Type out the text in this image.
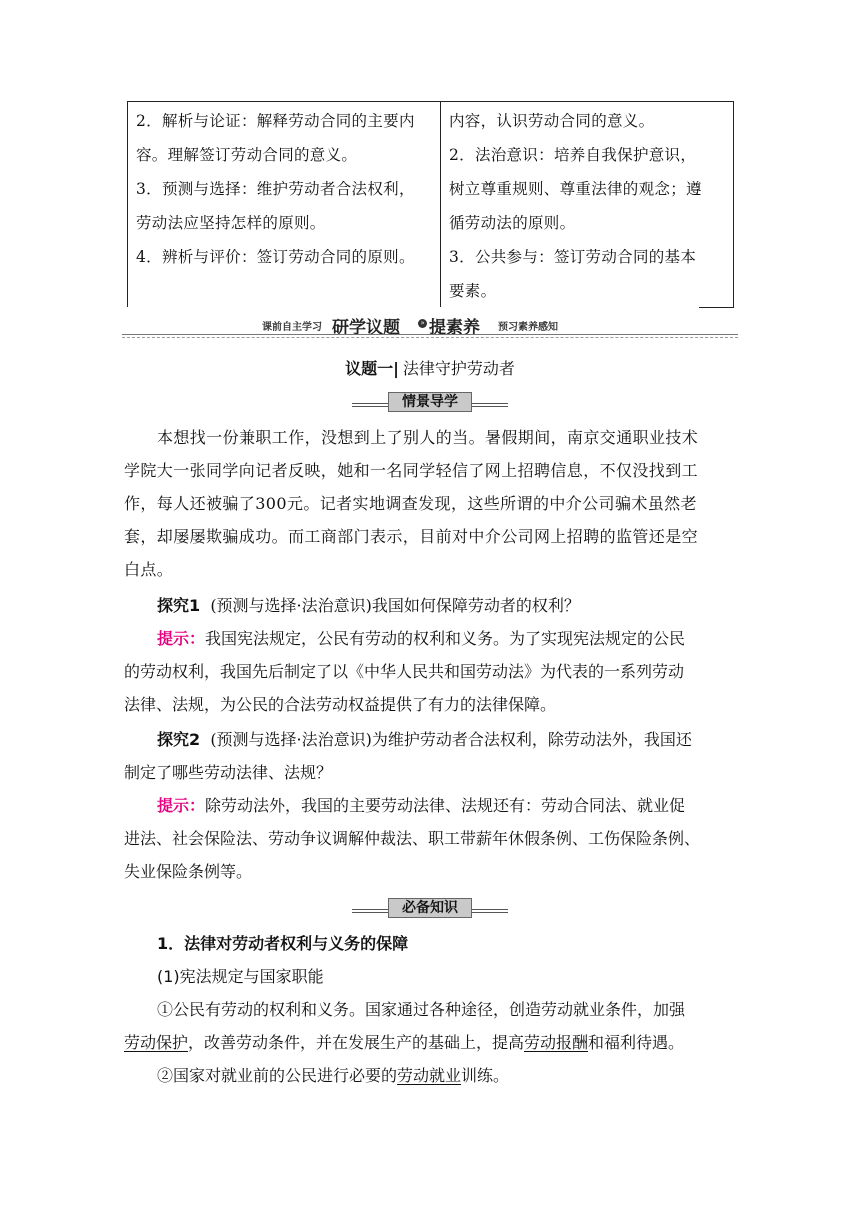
2．解析与论证：解释劳动合同的主要内
容。理解签订劳动合同的意义。
3．预测与选择：维护劳动者合法权利，
劳动法应坚持怎样的原则。
4．辨析与评价：签订劳动合同的原则。
内容，认识劳动合同的意义。
2．法治意识：培养自我保护意识，
树立尊重规则、尊重法律的观念；遵
循劳动法的原则。
3．公共参与：签订劳动合同的基本
要素。
课前自主学习 研学议题	» 提素养 预习素养感知
议题一| 法律守护劳动者
情景导学
本想找一份兼职工作，没想到上了别人的当。暑假期间，南京交通职业技术
学院大一张同学向记者反映，她和一名同学轻信了网上招聘信息，不仅没找到工
作，每人还被骗了300元。记者实地调查发现，这些所谓的中介公司骗术虽然老
套，却屡屡欺骗成功。而工商部门表示，目前对中介公司网上招聘的监管还是空
白点。
探究1 (预测与选择·法治意识)我国如何保障劳动者的权利？
提示：我国宪法规定，公民有劳动的权利和义务。为了实现宪法规定的公民
的劳动权利，我国先后制定了以《中华人民共和国劳动法》为代表的一系列劳动
法律、法规，为公民的合法劳动权益提供了有力的法律保障。
探究2 (预测与选择·法治意识)为维护劳动者合法权利，除劳动法外，我国还
制定了哪些劳动法律、法规？
提示：除劳动法外，我国的主要劳动法律、法规还有：劳动合同法、就业促
进法、社会保险法、劳动争议调解仲裁法、职工带薪年休假条例、工伤保险条例、
失业保险条例等。
必备知识
1．法律对劳动者权利与义务的保障
(1)宪法规定与国家职能
①公民有劳动的权利和义务。国家通过各种途径，创造劳动就业条件，加强
劳动保护，改善劳动条件，并在发展生产的基础上，提高劳动报酬和福利待遇。
②国家对就业前的公民进行必要的劳动就业训练。
